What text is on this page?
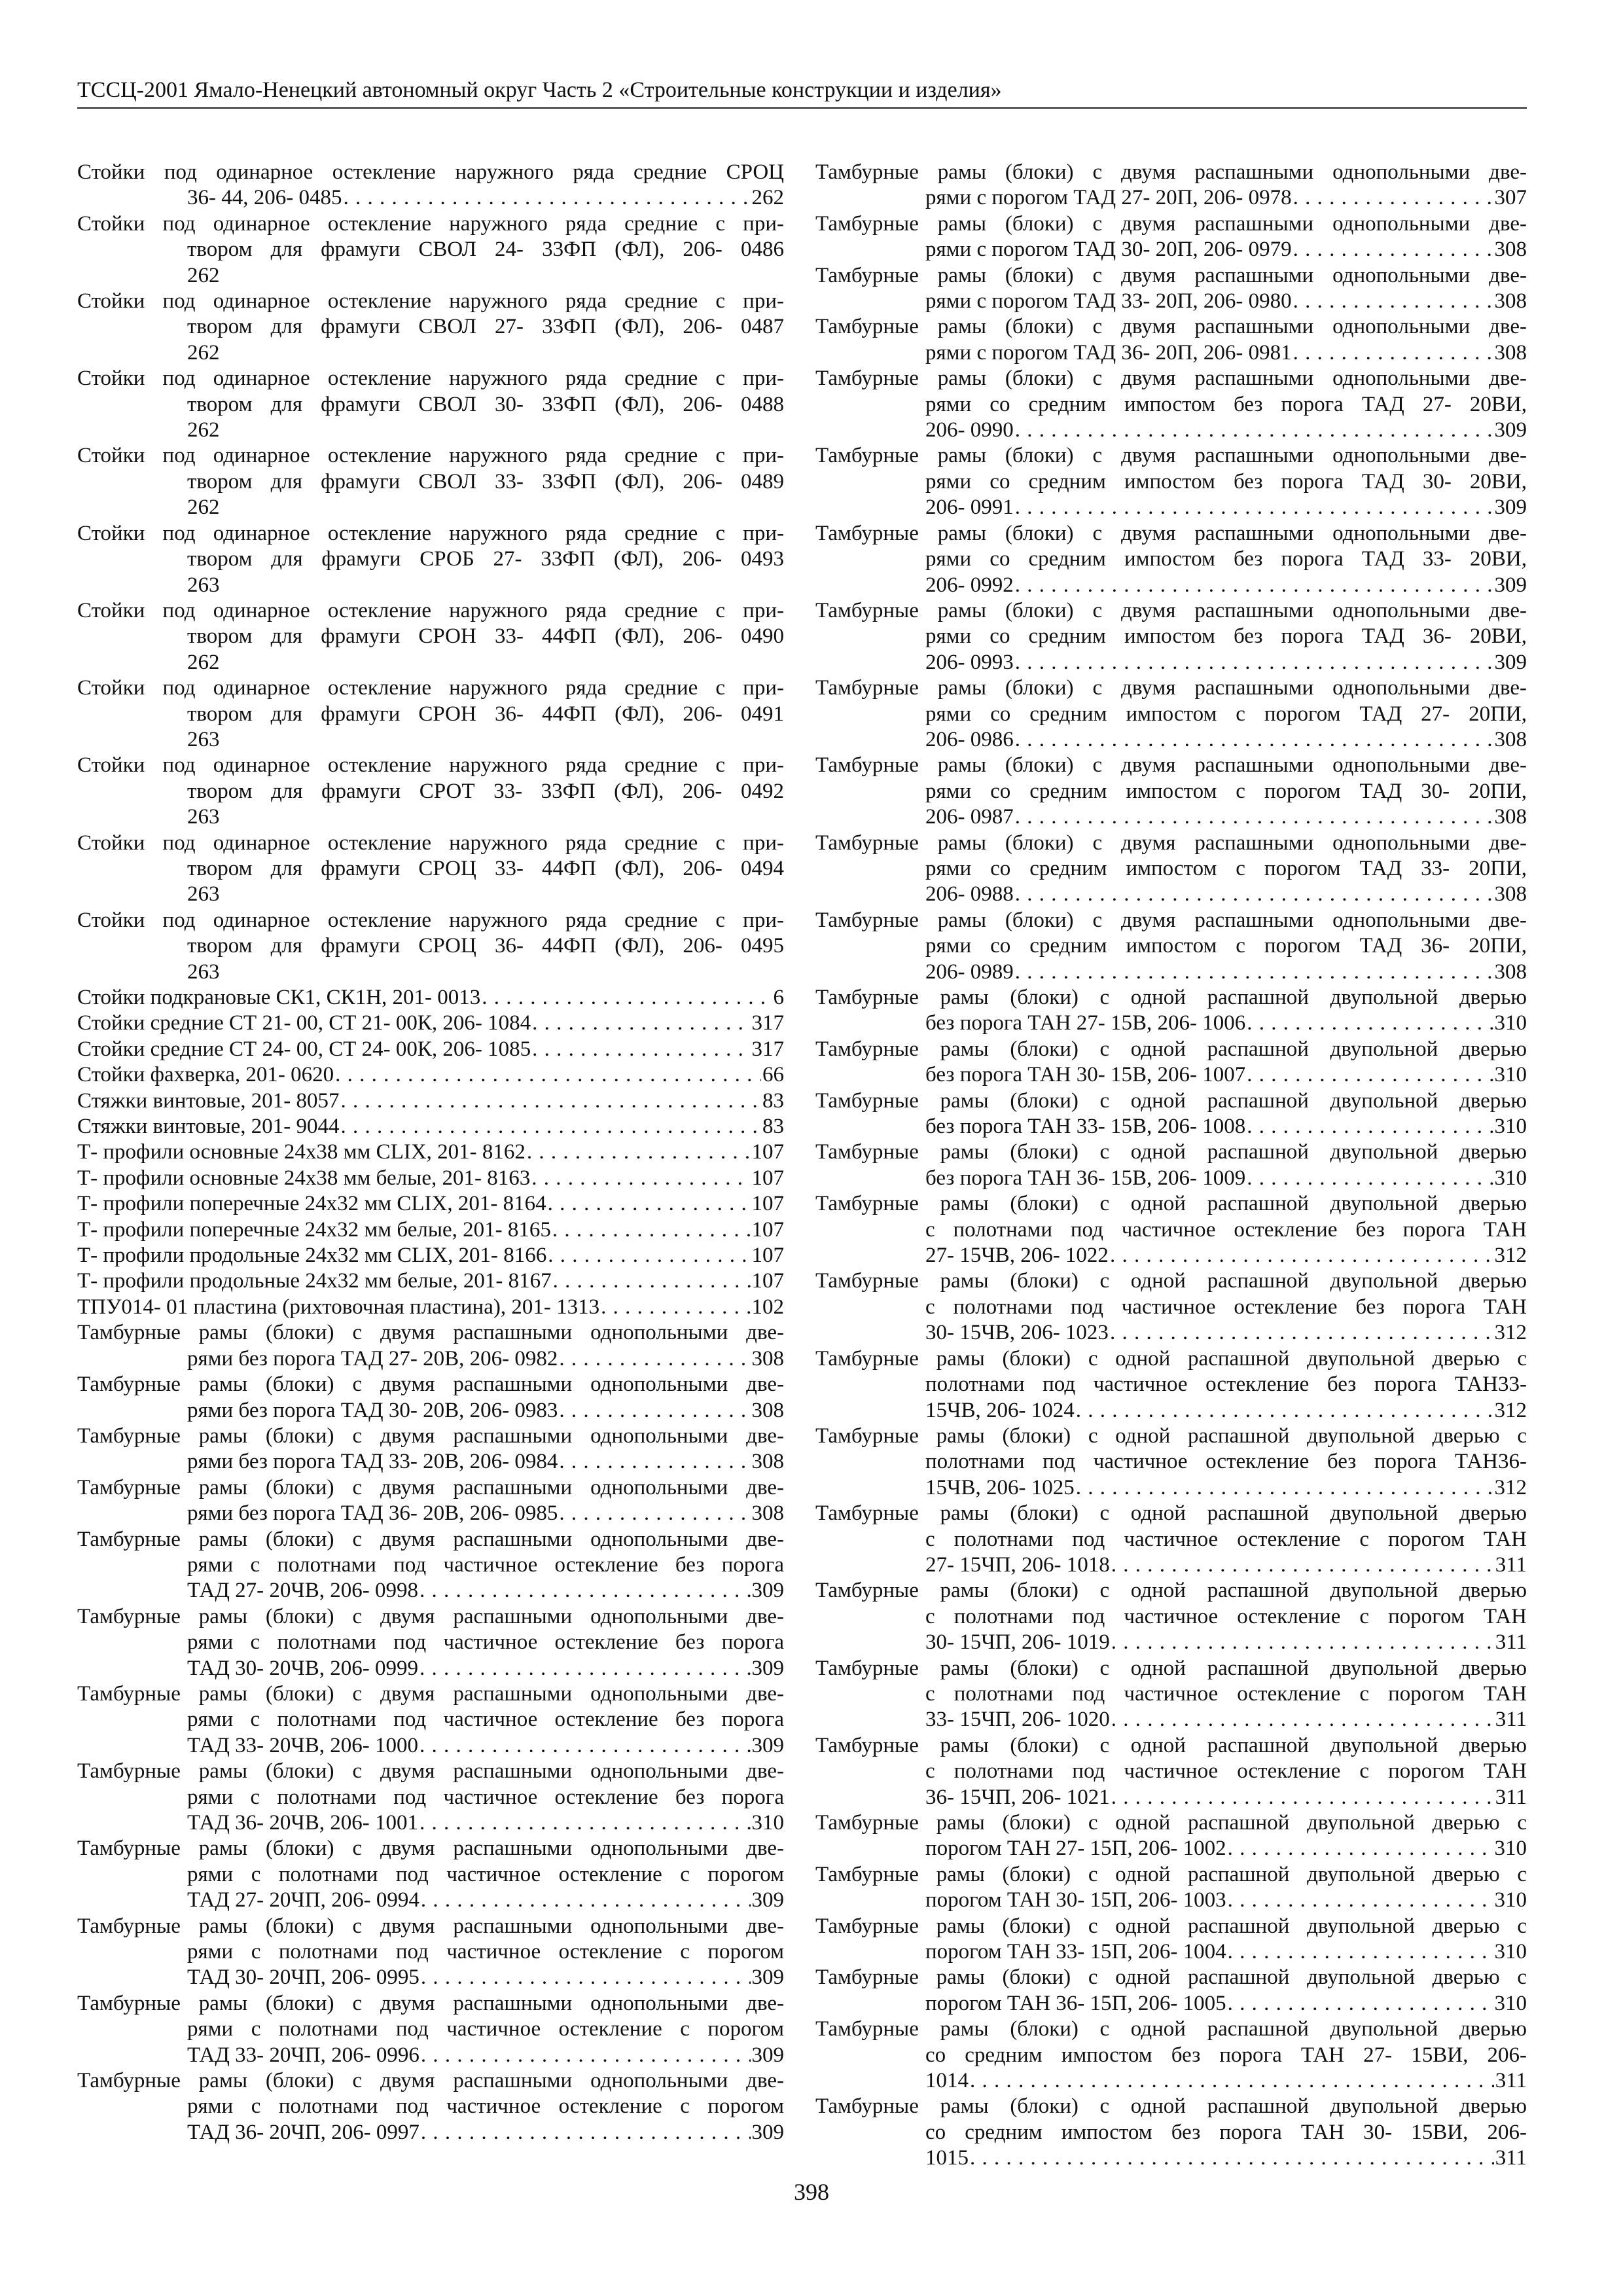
ТССЦ-2001 Ямало-Ненецкий автономный округ Часть 2 «Строительные конструкции и изделия»
Стойки под одинарное остекление наружного ряда средние СРОЦ
36- 44, 206- 0485 . . .	262
Стойки под одинарное остекление наружного ряда средние с при-
твором для фрамуги СВОЛ 24- 33ФП (ФЛ), 206- 0486
262
Стойки под одинарное остекление наружного ряда средние с при-
твором для фрамуги СВОЛ 27- 33ФП (ФЛ), 206- 0487
262
Стойки под одинарное остекление наружного ряда средние с при-
твором для фрамуги СВОЛ 30- 33ФП (ФЛ), 206- 0488
262
Стойки под одинарное остекление наружного ряда средние с при-
твором для фрамуги СВОЛ 33- 33ФП (ФЛ), 206- 0489
262
Стойки под одинарное остекление наружного ряда средние с при-
твором для фрамуги СРОБ 27- 33ФП (ФЛ), 206- 0493
263
Стойки под одинарное остекление наружного ряда средние с при-
твором для фрамуги СРОН 33- 44ФП (ФЛ), 206- 0490
262
Стойки под одинарное остекление наружного ряда средние с при-
твором для фрамуги СРОН 36- 44ФП (ФЛ), 206- 0491
263
Стойки под одинарное остекление наружного ряда средние с при-
твором для фрамуги СРОТ 33- 33ФП (ФЛ), 206- 0492
263
Стойки под одинарное остекление наружного ряда средние с при-
твором для фрамуги СРОЦ 33- 44ФП (ФЛ), 206- 0494
263
Стойки под одинарное остекление наружного ряда средние с при-
твором для фрамуги СРОЦ 36- 44ФП (ФЛ), 206- 0495
263
Стойки подкрановые СК1, СК1Н, 201- 0013 . . .	6
Стойки средние СТ 21- 00, СТ 21- 00К, 206- 1084 . . .	317
Стойки средние СТ 24- 00, СТ 24- 00К, 206- 1085 . . .	317
Стойки фахверка, 201- 0620 . . .	66
Стяжки винтовые, 201- 8057 . . .	83
Стяжки винтовые, 201- 9044 . . .	83
Т- профили основные 24х38 мм CLIX, 201- 8162 . . .	107
Т- профили основные 24х38 мм белые, 201- 8163 . . .	107
Т- профили поперечные 24х32 мм CLIX, 201- 8164 . . .	107
Т- профили поперечные 24х32 мм белые, 201- 8165 . . .	107
Т- профили продольные 24х32 мм CLIX, 201- 8166 . . .	107
Т- профили продольные 24х32 мм белые, 201- 8167 . . .	107
ТПУ014- 01 пластина (рихтовочная пластина), 201- 1313 . . .	102
Тамбурные рамы (блоки) с двумя распашными однопольными две-
рями без порога ТАД 27- 20В, 206- 0982 . . .	308
Тамбурные рамы (блоки) с двумя распашными однопольными две-
рями без порога ТАД 30- 20В, 206- 0983 . . .	308
Тамбурные рамы (блоки) с двумя распашными однопольными две-
рями без порога ТАД 33- 20В, 206- 0984 . . .	308
Тамбурные рамы (блоки) с двумя распашными однопольными две-
рями без порога ТАД 36- 20В, 206- 0985 . . .	308
Тамбурные рамы (блоки) с двумя распашными однопольными две-
рями с полотнами под частичное остекление без порога
ТАД 27- 20ЧВ, 206- 0998 . . .	309
Тамбурные рамы (блоки) с двумя распашными однопольными две-
рями с полотнами под частичное остекление без порога
ТАД 30- 20ЧВ, 206- 0999 . . .	309
Тамбурные рамы (блоки) с двумя распашными однопольными две-
рями с полотнами под частичное остекление без порога
ТАД 33- 20ЧВ, 206- 1000 . . .	309
Тамбурные рамы (блоки) с двумя распашными однопольными две-
рями с полотнами под частичное остекление без порога
ТАД 36- 20ЧВ, 206- 1001 . . .	310
Тамбурные рамы (блоки) с двумя распашными однопольными две-
рями с полотнами под частичное остекление с порогом
ТАД 27- 20ЧП, 206- 0994 . . .	309
Тамбурные рамы (блоки) с двумя распашными однопольными две-
рями с полотнами под частичное остекление с порогом
ТАД 30- 20ЧП, 206- 0995 . . .	309
Тамбурные рамы (блоки) с двумя распашными однопольными две-
рями с полотнами под частичное остекление с порогом
ТАД 33- 20ЧП, 206- 0996 . . .	309
Тамбурные рамы (блоки) с двумя распашными однопольными две-
рями с полотнами под частичное остекление с порогом
ТАД 36- 20ЧП, 206- 0997 . . .	309
Тамбурные рамы (блоки) с двумя распашными однопольными две-
рями с порогом ТАД 27- 20П, 206- 0978 . . .	307
Тамбурные рамы (блоки) с двумя распашными однопольными две-
рями с порогом ТАД 30- 20П, 206- 0979 . . .	308
Тамбурные рамы (блоки) с двумя распашными однопольными две-
рями с порогом ТАД 33- 20П, 206- 0980 . . .	308
Тамбурные рамы (блоки) с двумя распашными однопольными две-
рями с порогом ТАД 36- 20П, 206- 0981 . . .	308
Тамбурные рамы (блоки) с двумя распашными однопольными две-
рями со средним импостом без порога ТАД 27- 20ВИ,
206- 0990 . . .	309
Тамбурные рамы (блоки) с двумя распашными однопольными две-
рями со средним импостом без порога ТАД 30- 20ВИ,
206- 0991 . . .	309
Тамбурные рамы (блоки) с двумя распашными однопольными две-
рями со средним импостом без порога ТАД 33- 20ВИ,
206- 0992 . . .	309
Тамбурные рамы (блоки) с двумя распашными однопольными две-
рями со средним импостом без порога ТАД 36- 20ВИ,
206- 0993 . . .	309
Тамбурные рамы (блоки) с двумя распашными однопольными две-
рями со средним импостом с порогом ТАД 27- 20ПИ,
206- 0986 . . .	308
Тамбурные рамы (блоки) с двумя распашными однопольными две-
рями со средним импостом с порогом ТАД 30- 20ПИ,
206- 0987 . . .	308
Тамбурные рамы (блоки) с двумя распашными однопольными две-
рями со средним импостом с порогом ТАД 33- 20ПИ,
206- 0988 . . .	308
Тамбурные рамы (блоки) с двумя распашными однопольными две-
рями со средним импостом с порогом ТАД 36- 20ПИ,
206- 0989 . . .	308
Тамбурные рамы (блоки) с одной распашной двупольной дверью
без порога ТАН 27- 15В, 206- 1006 . . .	310
Тамбурные рамы (блоки) с одной распашной двупольной дверью
без порога ТАН 30- 15В, 206- 1007 . . .	310
Тамбурные рамы (блоки) с одной распашной двупольной дверью
без порога ТАН 33- 15В, 206- 1008 . . .	310
Тамбурные рамы (блоки) с одной распашной двупольной дверью
без порога ТАН 36- 15В, 206- 1009 . . .	310
Тамбурные рамы (блоки) с одной распашной двупольной дверью
с полотнами под частичное остекление без порога ТАН
27- 15ЧВ, 206- 1022 . . .	312
Тамбурные рамы (блоки) с одной распашной двупольной дверью
с полотнами под частичное остекление без порога ТАН
30- 15ЧВ, 206- 1023 . . .	312
Тамбурные рамы (блоки) с одной распашной двупольной дверью с
полотнами под частичное остекление без порога ТАН33-
15ЧВ, 206- 1024 . . .	312
Тамбурные рамы (блоки) с одной распашной двупольной дверью с
полотнами под частичное остекление без порога ТАН36-
15ЧВ, 206- 1025 . . .	312
Тамбурные рамы (блоки) с одной распашной двупольной дверью
с полотнами под частичное остекление с порогом ТАН
27- 15ЧП, 206- 1018 . . .	311
Тамбурные рамы (блоки) с одной распашной двупольной дверью
с полотнами под частичное остекление с порогом ТАН
30- 15ЧП, 206- 1019 . . .	311
Тамбурные рамы (блоки) с одной распашной двупольной дверью
с полотнами под частичное остекление с порогом ТАН
33- 15ЧП, 206- 1020 . . .	311
Тамбурные рамы (блоки) с одной распашной двупольной дверью
с полотнами под частичное остекление с порогом ТАН
36- 15ЧП, 206- 1021 . . .	311
Тамбурные рамы (блоки) с одной распашной двупольной дверью с
порогом ТАН 27- 15П, 206- 1002 . . .	310
Тамбурные рамы (блоки) с одной распашной двупольной дверью с
порогом ТАН 30- 15П, 206- 1003 . . .	310
Тамбурные рамы (блоки) с одной распашной двупольной дверью с
порогом ТАН 33- 15П, 206- 1004 . . .	310
Тамбурные рамы (блоки) с одной распашной двупольной дверью с
порогом ТАН 36- 15П, 206- 1005 . . .	310
Тамбурные рамы (блоки) с одной распашной двупольной дверью
со средним импостом без порога ТАН 27- 15ВИ, 206-
1014 . . .	311
Тамбурные рамы (блоки) с одной распашной двупольной дверью
со средним импостом без порога ТАН 30- 15ВИ, 206-
1015 . . .	311
398
